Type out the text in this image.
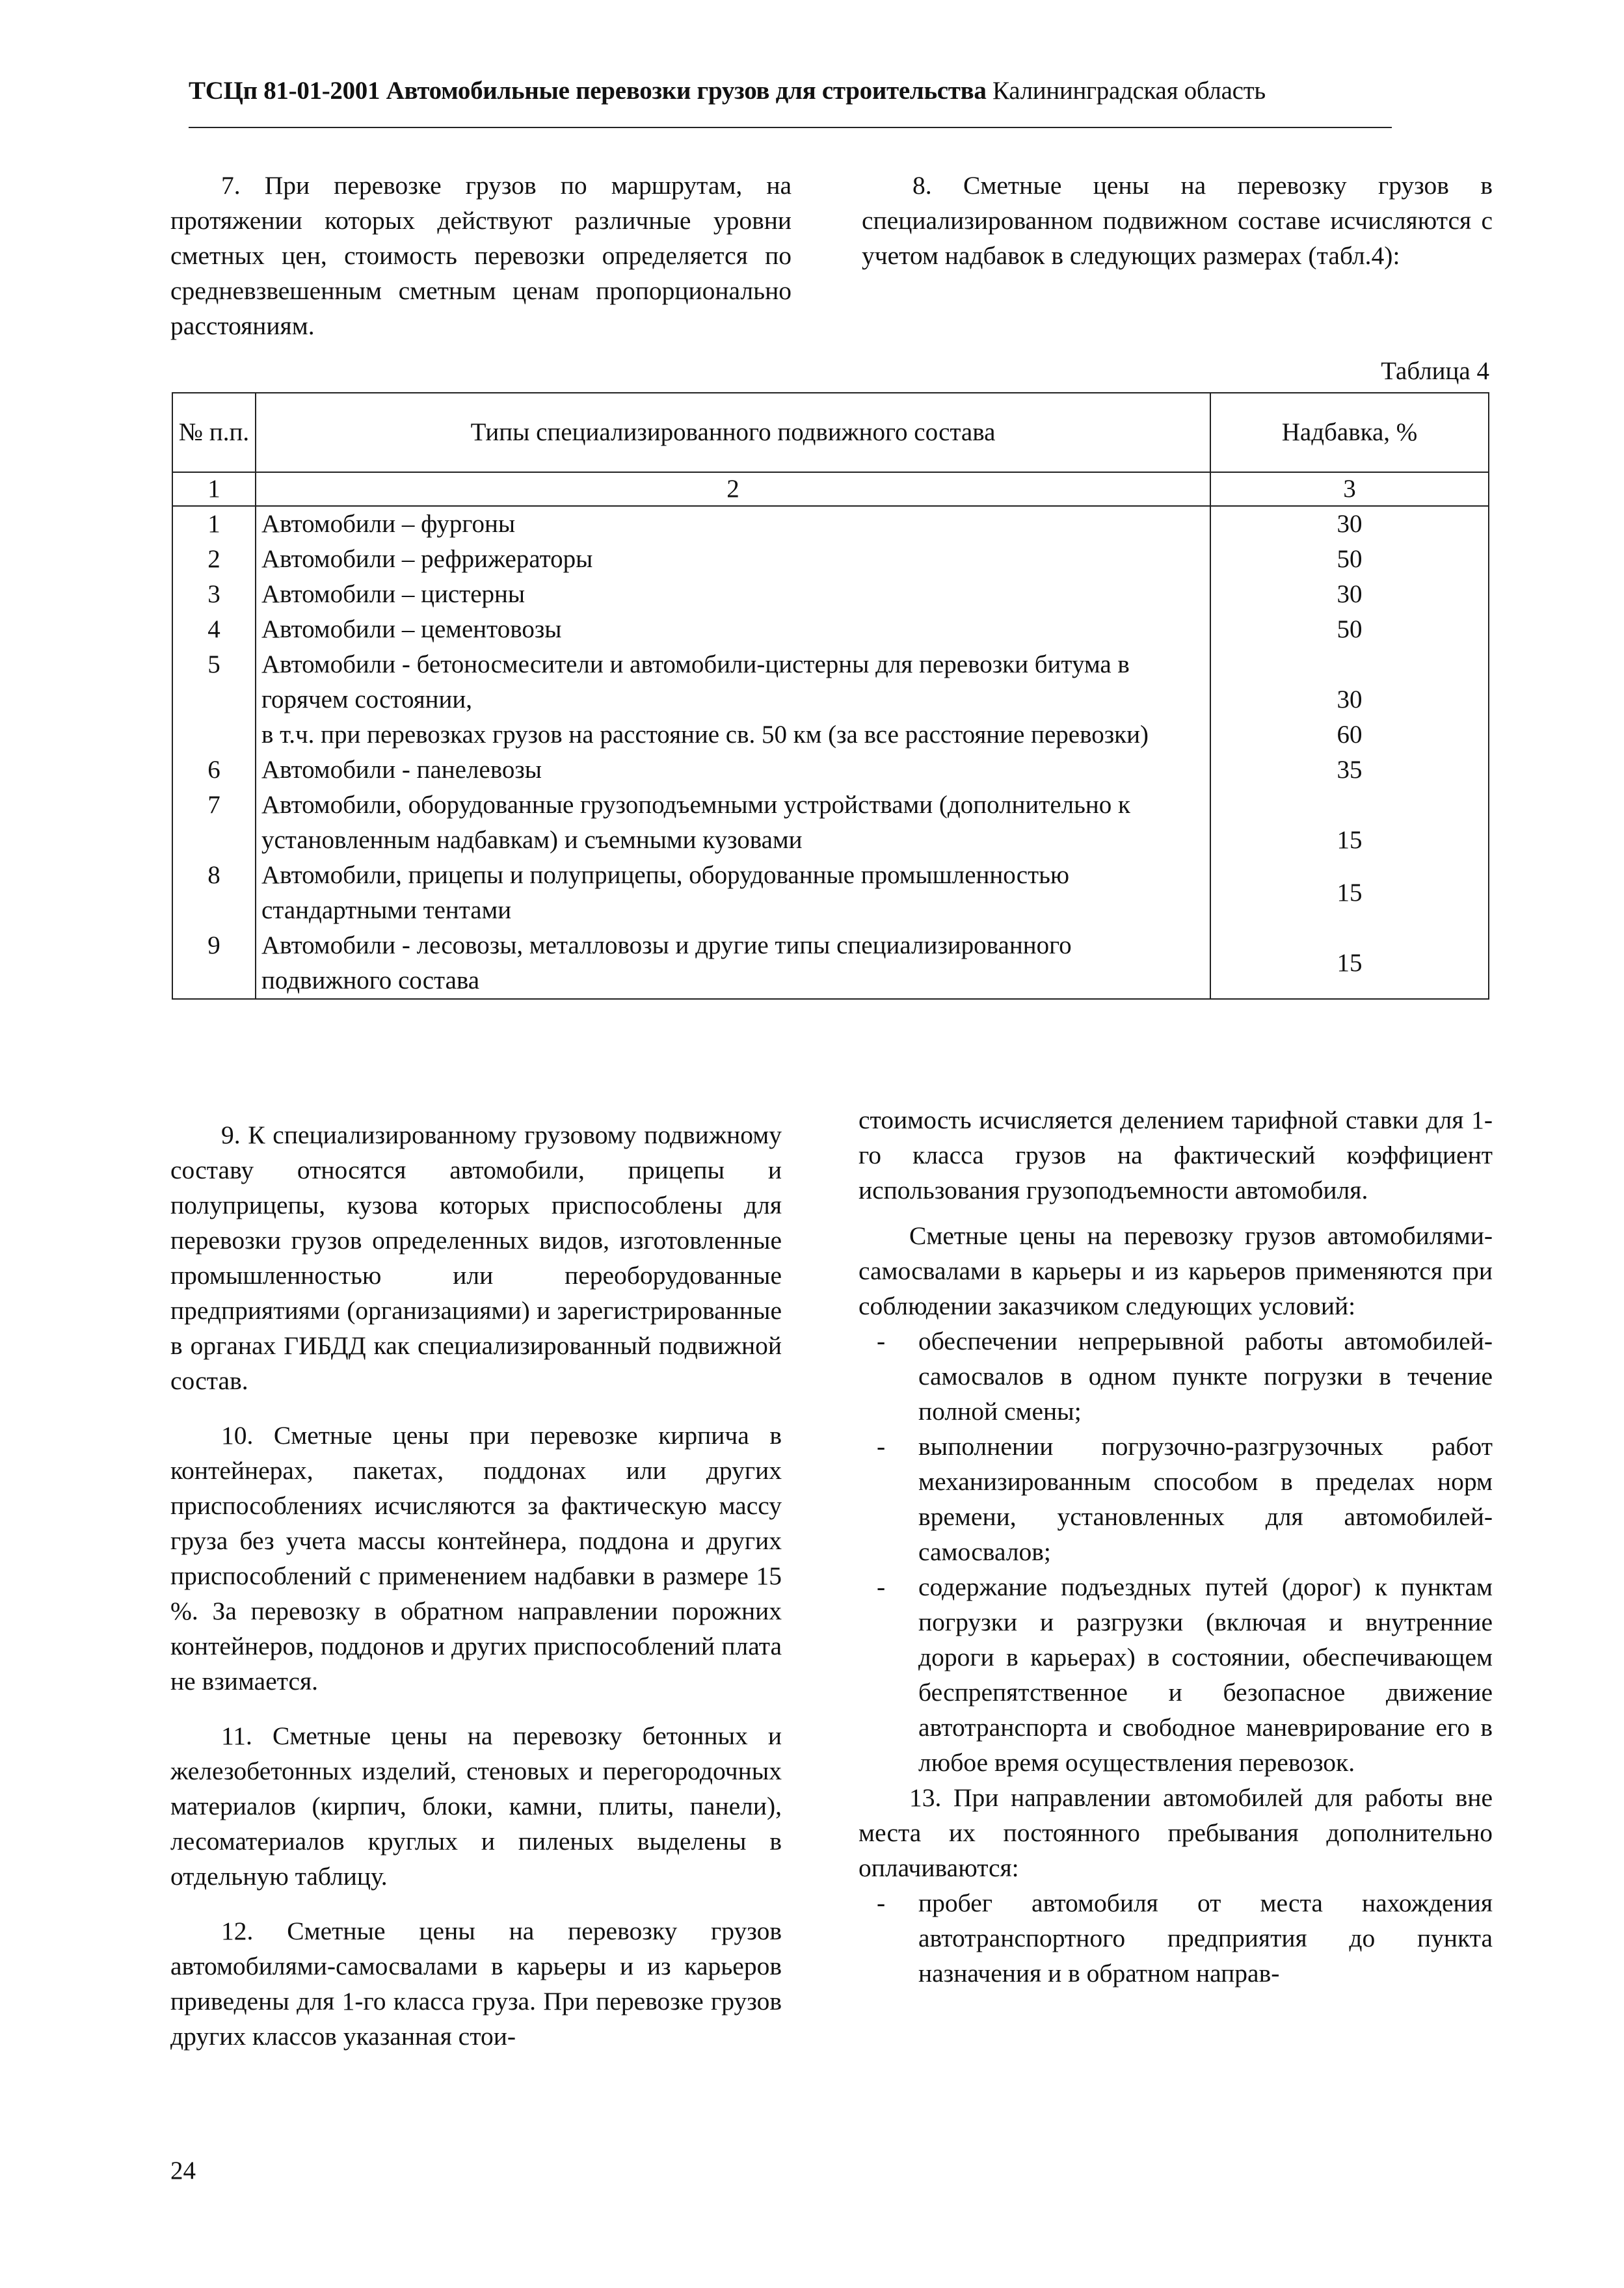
ТСЦп 81-01-2001 Автомобильные перевозки грузов для строительства Калининградская область

7. При перевозке грузов по маршрутам, на протяжении которых действуют различные уровни сметных цен, стоимость перевозки определяется по средневзвешенным сметным ценам пропорционально расстояниям.

8. Сметные цены на перевозку грузов в специализированном подвижном составе исчисляются с учетом надбавок в следующих размерах (табл.4):

Таблица 4
№ п.п.	Типы специализированного подвижного состава	Надбавка, %
1	2	3
1	Автомобили – фургоны	30
2	Автомобили – рефрижераторы	50
3	Автомобили – цистерны	30
4	Автомобили – цементовозы	50
5	Автомобили - бетоносмесители и автомобили-цистерны для перевозки битума в горячем состоянии,	30
	в т.ч. при перевозках грузов на расстояние св. 50 км (за все расстояние перевозки)	60
6	Автомобили - панелевозы	35
7	Автомобили, оборудованные грузоподъемными устройствами (дополнительно к установленным надбавкам) и съемными кузовами	15
8	Автомобили, прицепы и полуприцепы, оборудованные промышленностью стандартными тентами	15
9	Автомобили - лесовозы, металловозы и другие типы специализированного подвижного состава	15

9. К специализированному грузовому подвижному составу относятся автомобили, прицепы и полуприцепы, кузова которых приспособлены для перевозки грузов определенных видов, изготовленные промышленностью или переоборудованные предприятиями (организациями) и зарегистрированные в органах ГИБДД как специализированный подвижной состав.

10. Сметные цены при перевозке кирпича в контейнерах, пакетах, поддонах или других приспособлениях исчисляются за фактическую массу груза без учета массы контейнера, поддона и других приспособлений с применением надбавки в размере 15 %. За перевозку в обратном направлении порожних контейнеров, поддонов и других приспособлений плата не взимается.

11. Сметные цены на перевозку бетонных и железобетонных изделий, стеновых и перегородочных материалов (кирпич, блоки, камни, плиты, панели), лесоматериалов круглых и пиленых выделены в отдельную таблицу.

12. Сметные цены на перевозку грузов автомобилями-самосвалами в карьеры и из карьеров приведены для 1-го класса груза. При перевозке грузов других классов указанная стои-

стоимость исчисляется делением тарифной ставки для 1-го класса грузов на фактический коэффициент использования грузоподъемности автомобиля.

Сметные цены на перевозку грузов автомобилями-самосвалами в карьеры и из карьеров применяются при соблюдении заказчиком следующих условий:

- обеспечении непрерывной работы автомобилей-самосвалов в одном пункте погрузки в течение полной смены;
- выполнении погрузочно-разгрузочных работ механизированным способом в пределах норм времени, установленных для автомобилей-самосвалов;
- содержание подъездных путей (дорог) к пунктам погрузки и разгрузки (включая и внутренние дороги в карьерах) в состоянии, обеспечивающем беспрепятственное и безопасное движение автотранспорта и свободное маневрирование его в любое время осуществления перевозок.

13. При направлении автомобилей для работы вне места их постоянного пребывания дополнительно оплачиваются:

- пробег автомобиля от места нахождения автотранспортного предприятия до пункта назначения и в обратном направ-
24
